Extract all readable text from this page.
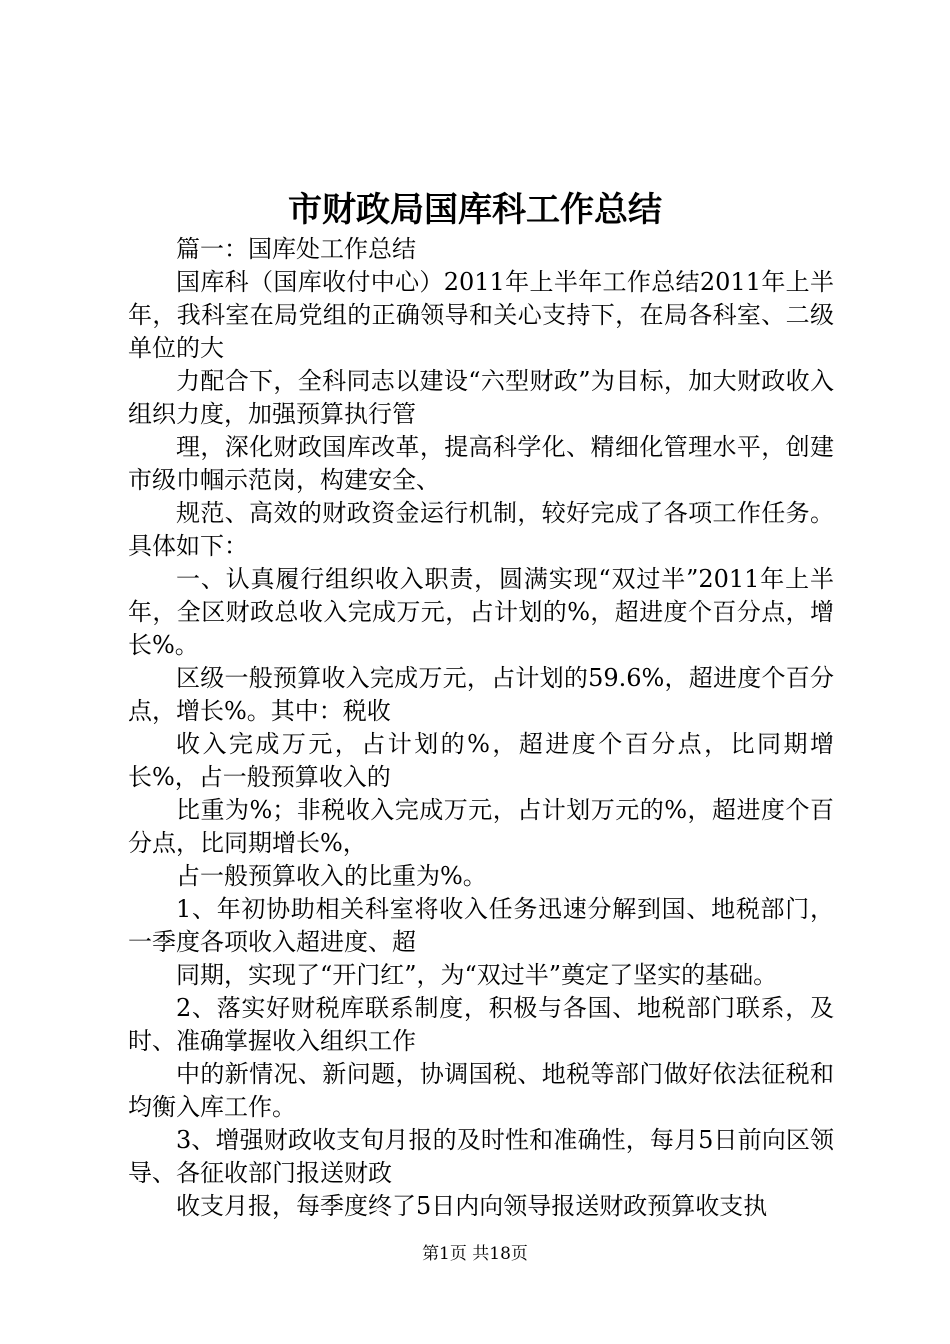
市财政局国库科工作总结

篇一：国库处工作总结

国库科（国库收付中心）2011年上半年工作总结2011年上半年，我科室在局党组的正确领导和关心支持下，在局各科室、二级单位的大

力配合下，全科同志以建设“六型财政”为目标，加大财政收入组织力度，加强预算执行管

理，深化财政国库改革，提高科学化、精细化管理水平，创建市级巾帼示范岗，构建安全、

规范、高效的财政资金运行机制，较好完成了各项工作任务。具体如下：

一、认真履行组织收入职责，圆满实现“双过半”2011年上半年，全区财政总收入完成万元，占计划的%，超进度个百分点，增长%。

区级一般预算收入完成万元，占计划的59.6%，超进度个百分点，增长%。其中：税收

收入完成万元，占计划的%，超进度个百分点，比同期增长%，占一般预算收入的

比重为%；非税收入完成万元，占计划万元的%，超进度个百分点，比同期增长%，

占一般预算收入的比重为%。

1、年初协助相关科室将收入任务迅速分解到国、地税部门，一季度各项收入超进度、超

同期，实现了“开门红”，为“双过半”奠定了坚实的基础。

2、落实好财税库联系制度，积极与各国、地税部门联系，及时、准确掌握收入组织工作

中的新情况、新问题，协调国税、地税等部门做好依法征税和均衡入库工作。

3、增强财政收支旬月报的及时性和准确性，每月5日前向区领导、各征收部门报送财政

收支月报，每季度终了5日内向领导报送财政预算收支执

第1页 共18页
